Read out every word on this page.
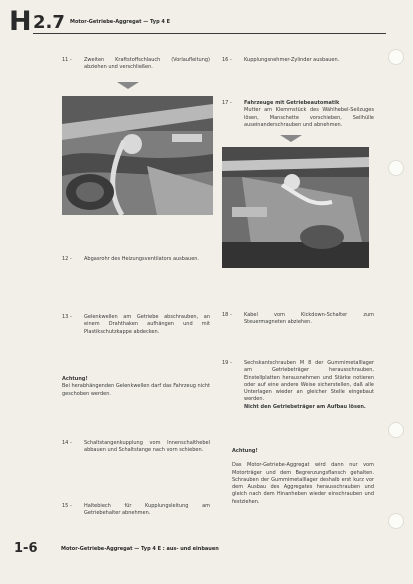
H 2.7 Motor-Getriebe-Aggregat — Typ 4 E
11 -	Zweiten Kraftstoffschlauch (Vorlaufleitung) abziehen und verschließen.
12 -	Abgasrohr des Heizungsventilators ausbauen.
13 -	Gelenkwellen am Getriebe abschrauben, an einem Drahthaken aufhängen und mit Plastikschutzkappe abdecken.
Achtung!
Bei herabhängenden Gelenkwellen darf das Fahrzeug nicht geschoben werden.
14 -	Schaltstangenkupplung vom Innenschalthebel abbauen und Schaltstange nach vorn schieben.
15 -	Haltebiech für Kupplungsleitung am Getriebehalter abnehmen.
16 -	Kupplungsnehmer-Zylinder ausbauen.
17 -	Fahrzeuge mit Getriebeautomatik
Mutter am Klemmstück des Wählhebel-Seilzuges lösen, Manschette vorschieben, Seilhülle auseinanderschrauben und abnehmen.
18 -	Kabel vom Kickdown-Schalter zum Steuermagneten abziehen.
19 -	Sechskantschrauben M 8 der Gummimetalllager am Getriebeträger herausschrauben, Einstellplatten herausnehmen und Stärke notieren oder auf eine andere Weise sicherstellen, daß alle Unterlagen wieder an gleicher Stelle eingebaut werden.
Nicht den Getriebeträger am Aufbau lösen.
Achtung!
Das Motor-Getriebe-Aggregat wird dann nur vom Motorträger und dem Begrenzungsflansch gehalten. Schrauben der Gummimetalllager deshalb erst kurz vor dem Ausbau des Aggregates herausschrauben und gleich nach dem Hinanheben wieder einschrauben und festziehen.
1-6	Motor-Getriebe-Aggregat — Typ 4 E : aus- und einbauen
